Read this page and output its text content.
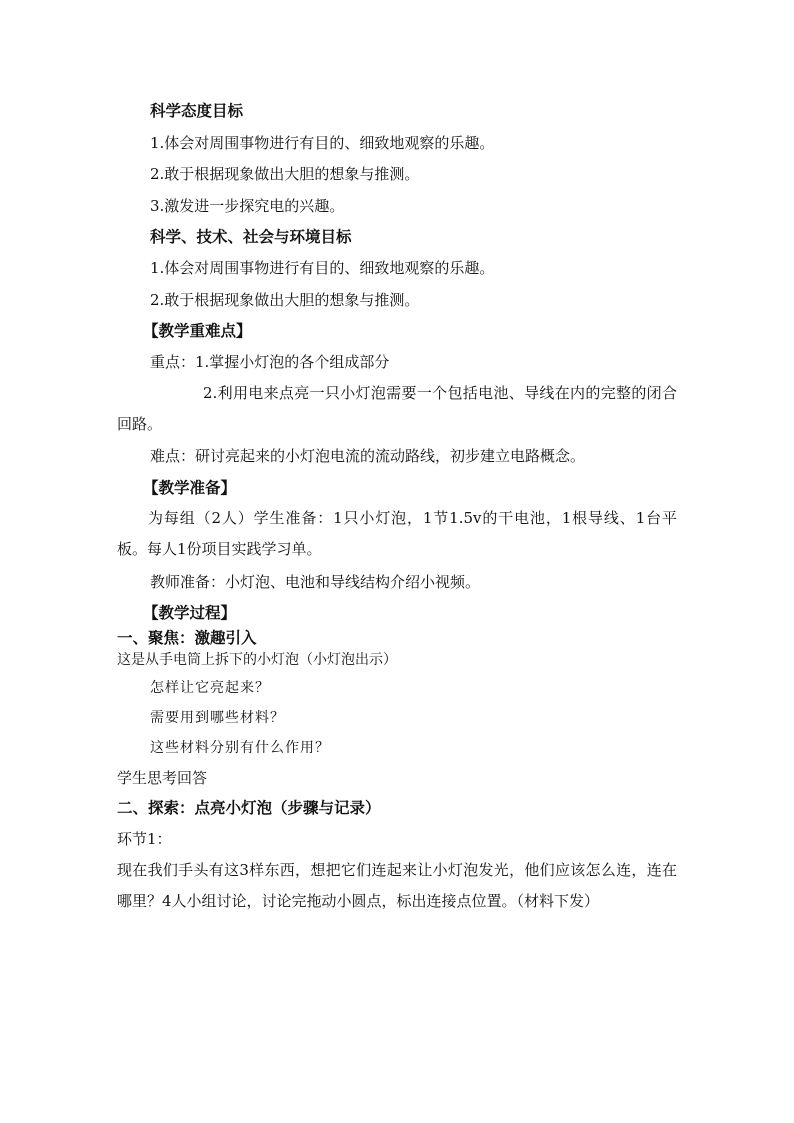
科学态度目标
1.体会对周围事物进行有目的、细致地观察的乐趣。
2.敢于根据现象做出大胆的想象与推测。
3.激发进一步探究电的兴趣。
科学、技术、社会与环境目标
1.体会对周围事物进行有目的、细致地观察的乐趣。
2.敢于根据现象做出大胆的想象与推测。
【教学重难点】
重点：1.掌握小灯泡的各个组成部分
2.利用电来点亮一只小灯泡需要一个包括电池、导线在内的完整的闭合回路。
难点：研讨亮起来的小灯泡电流的流动路线，初步建立电路概念。
【教学准备】
为每组（2人）学生准备：1只小灯泡，1节1.5v的干电池，1根导线、1台平板。每人1份项目实践学习单。
教师准备：小灯泡、电池和导线结构介绍小视频。
【教学过程】
一、聚焦：激趣引入
这是从手电筒上拆下的小灯泡（小灯泡出示）
怎样让它亮起来？
需要用到哪些材料？
这些材料分别有什么作用？
学生思考回答
二、探索：点亮小灯泡（步骤与记录）
环节1：
现在我们手头有这3样东西，想把它们连起来让小灯泡发光，他们应该怎么连，连在哪里？4人小组讨论，讨论完拖动小圆点，标出连接点位置。（材料下发）
